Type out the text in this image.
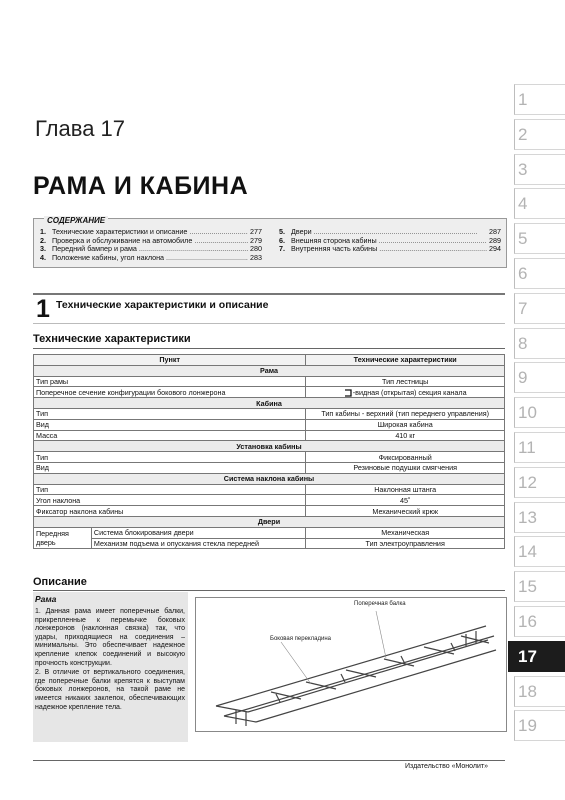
Глава 17
РАМА И КАБИНА
СОДЕРЖАНИЕ
1. Технические характеристики и описание .....	277
2. Проверка и обслуживание на автомобиле .....	279
3. Передний бампер и рама .....	280
4. Положение кабины, угол наклона .....	283
5. Двери .....	287
6. Внешняя сторона кабины .....	289
7. Внутренняя часть кабины .....	294
1 Технические характеристики и описание
Технические характеристики
Пункт		Технические характеристики
Рама		
Тип рамы		Тип лестницы
Поперечное сечение конфигурации бокового лонжерона		-видная (открытая) секция канала
Кабина		
Тип		Тип кабины - верхний (тип переднего управления)
Вид		Широкая кабина
Масса		410 кг
Установка кабины		
Тип		Фиксированный
Вид		Резиновые подушки смягчения
Система наклона кабины		
Тип		Наклонная штанга
Угол наклона		45˚
Фиксатор наклона кабины		Механический крюк
Двери		
Передняя дверь	Система блокирования двери	Механическая
	Механизм подъема и опускания стекла передней	Тип электроуправления
Описание
Рама

1. Данная рама имеет поперечные балки, прикрепленные к перемычке боковых лонжеронов (наклонная связка) так, что удары, приходящиеся на соединения – минимальны. Это обеспечивает надежное крепление клепок соединений и высокую прочность конструкции.

2. В отличие от вертикального соединения, где поперечные балки крепятся к выступам боковых лонжеронов, на такой раме не имеется никаких заклепок, обеспечивающих надежное крепление тела.

Поперечная балка
Боковая перекладина
Издательство «Монолит»
1
2
3
4
5
6
7
8
9
10
11
12
13
14
15
16
17
18
19
